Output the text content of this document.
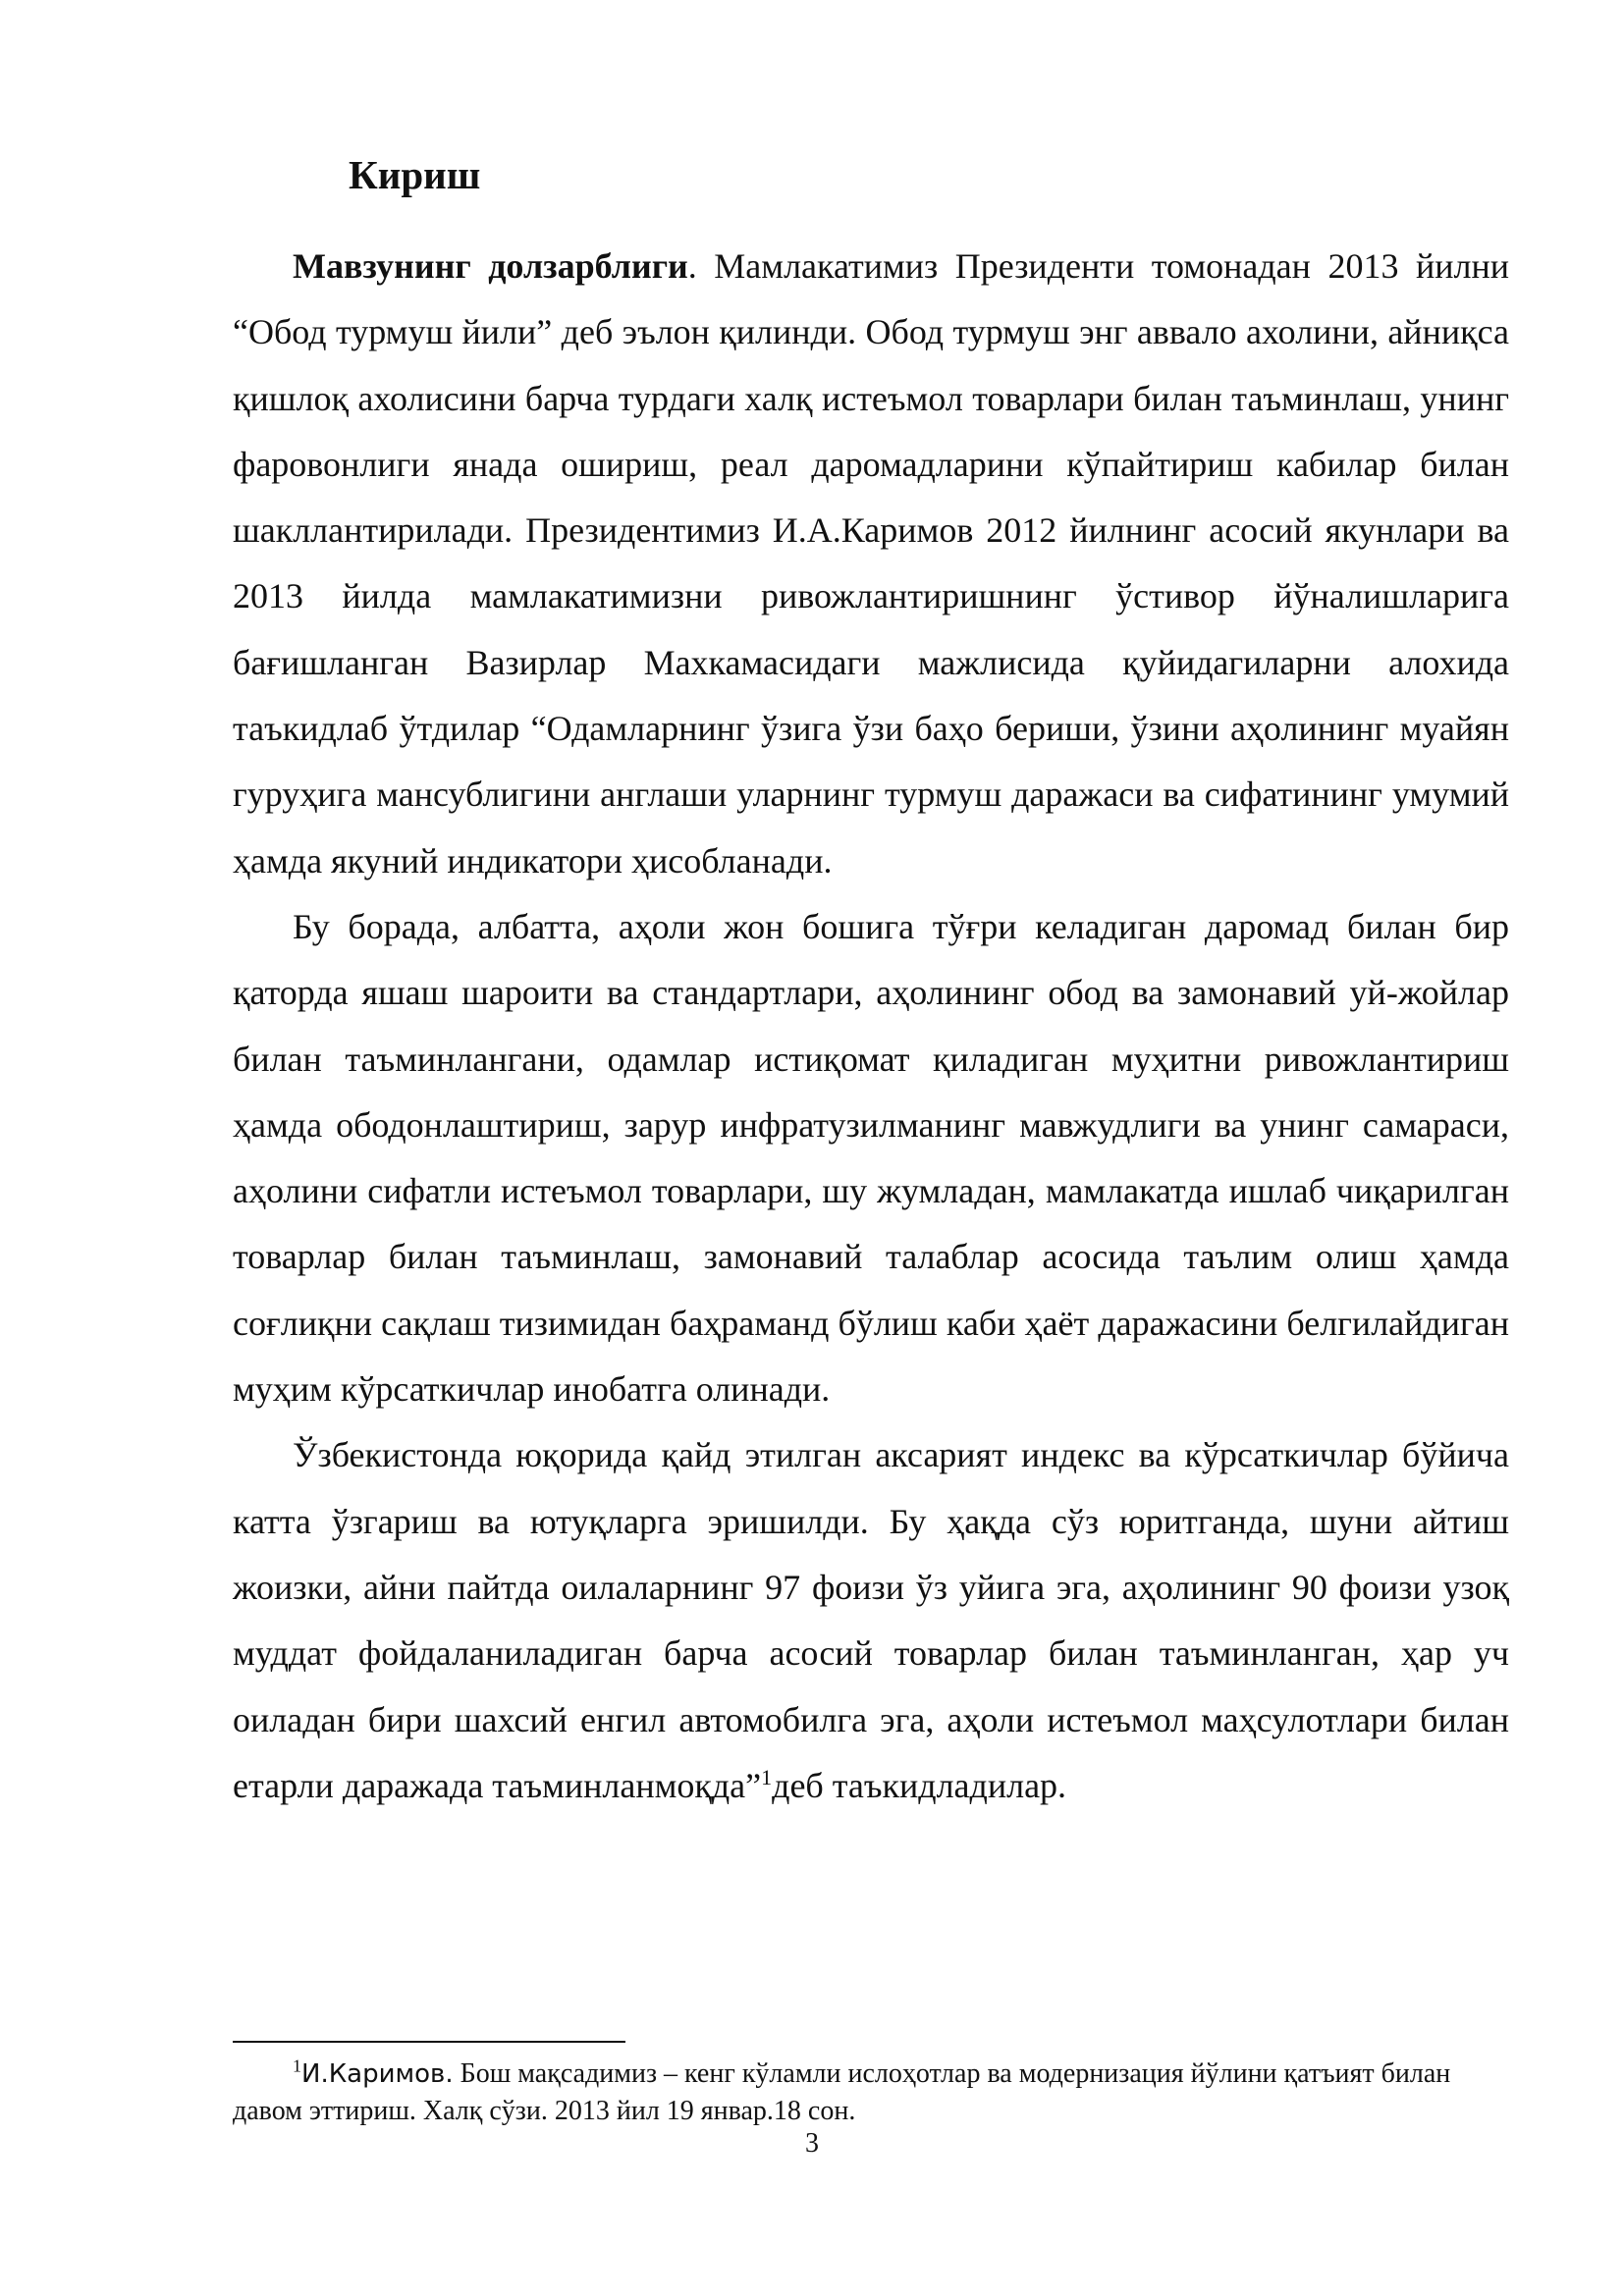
Кириш

Мавзунинг долзарблиги. Мамлакатимиз Президенти томонадан 2013 йилни “Обод турмуш йили” деб эълон қилинди. Обод турмуш энг аввало ахолини, айниқса қишлоқ ахолисини барча турдаги халқ истеъмол товарлари билан таъминлаш, унинг фаровонлиги янада ошириш, реал даромадларини кўпайтириш кабилар билан шакллантирилади. Президентимиз И.А.Каримов 2012 йилнинг асосий якунлари ва 2013 йилда мамлакатимизни ривожлантиришнинг ўстивор йўналишларига бағишланган Вазирлар Махкамасидаги мажлисида қуйидагиларни алохида таъкидлаб ўтдилар “Одамларнинг ўзига ўзи баҳо бериши, ўзини аҳолининг муайян гуруҳига мансублигини англаши уларнинг турмуш даражаси ва сифатининг умумий ҳамда якуний индикатори ҳисобланади.

Бу борада, албатта, аҳоли жон бошига тўғри келадиган даромад билан бир қаторда яшаш шароити ва стандартлари, аҳолининг обод ва замонавий уй-жойлар билан таъминлангани, одамлар истиқомат қиладиган муҳитни ривожлантириш ҳамда ободонлаштириш, зарур инфратузилманинг мавжудлиги ва унинг самараси, аҳолини сифатли истеъмол товарлари, шу жумладан, мамлакатда ишлаб чиқарилган товарлар билан таъминлаш, замонавий талаблар асосида таълим олиш ҳамда соғлиқни сақлаш тизимидан баҳраманд бўлиш каби ҳаёт даражасини белгилайдиган муҳим кўрсаткичлар инобатга олинади.

Ўзбекистонда юқорида қайд этилган аксарият индекс ва кўрсаткичлар бўйича катта ўзгариш ва ютуқларга эришилди. Бу ҳақда сўз юритганда, шуни айтиш жоизки, айни пайтда оилаларнинг 97 фоизи ўз уйига эга, аҳолининг 90 фоизи узоқ муддат фойдаланиладиган барча асосий товарлар билан таъминланган, ҳар уч оиладан бири шахсий енгил автомобилга эга, аҳоли истеъмол маҳсулотлари билан етарли даражада таъминланмоқда”$^1$деб таъкидладилар.

$^1$И.Каримов. Бош мақсадимиз – кенг кўламли ислоҳотлар ва модернизация йўлини қатъият билан давом эттириш. Халқ сўзи. 2013 йил 19 январ.18 сон.

3
